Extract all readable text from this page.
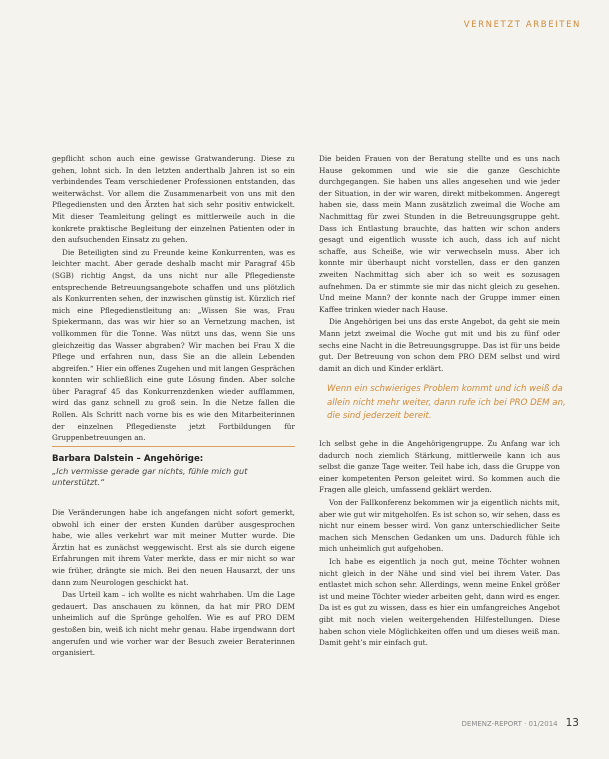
VERNETZT ARBEITEN

gepflicht schon auch eine gewisse Gratwanderung. Diese zu gehen, lohnt sich. In den letzten anderthalb Jahren ist so ein verbindendes Team verschiedener Professionen entstanden, das weiterwächst. Vor allem die Zusammenarbeit von uns mit den Pflegediensten und den Ärzten hat sich sehr positiv entwickelt. Mit dieser Teamleitung gelingt es mittlerweile auch in die konkrete praktische Begleitung der einzelnen Patienten oder in den aufsuchenden Einsatz zu gehen.

Die Beteiligten sind zu Freunde keine Konkurrenten, was es leichter macht. Aber gerade deshalb macht mir Paragraf 45b (SGB) richtig Angst, da uns nicht nur alle Pflegedienste entsprechende Betreuungsangebote schaffen und uns plötzlich als Konkurrenten sehen, der inzwischen günstig ist. Kürzlich rief mich eine Pflegedienstleitung an: „Wissen Sie was, Frau Spiekermann, das was wir hier so an Vernetzung machen, ist vollkommen für die Tonne. Was nützt uns das, wenn Sie uns gleichzeitig das Wasser abgraben? Wir machen bei Frau X die Pflege und erfahren nun, dass Sie an die allein Lebenden abgreifen.“ Hier ein offenes Zugehen und mit langen Gesprächen konnten wir schließlich eine gute Lösung finden. Aber solche über Paragraf 45 das Konkurrenzdenken wieder aufflammen, wird das ganz schnell zu groß sein. In die Netze fallen die Rollen. Als Schritt nach vorne bis es wie den Mitarbeiterinnen der einzelnen Pflegedienste jetzt Fortbildungen für Gruppenbetreuungen an.

Barbara Dalstein – Angehörige:
„Ich vermisse gerade gar nichts, fühle mich gut unterstützt.“

Die Veränderungen habe ich angefangen nicht sofort gemerkt, obwohl ich einer der ersten Kunden darüber ausgesprochen habe, wie alles verkehrt war mit meiner Mutter wurde. Die Ärztin hat es zunächst weggewischt. Erst als sie durch eigene Erfahrungen mit ihrem Vater merkte, dass er mir nicht so war wie früher, drängte sie mich. Bei den neuen Hausarzt, der uns dann zum Neurologen geschickt hat.

Das Urteil kam – ich wollte es nicht wahrhaben. Um die Lage gedauert. Das anschauen zu können, da hat mir PRO DEM unheimlich auf die Sprünge geholfen. Wie es auf PRO DEM gestoßen bin, weiß ich nicht mehr genau. Habe irgendwann dort angerufen und wie vorher war der Besuch zweier Beraterinnen organisiert.

Die beiden Frauen von der Beratung stellte und es uns nach Hause gekommen und wie sie die ganze Geschichte durchgegangen. Sie haben uns alles angesehen und wie jeder der Situation, in der wir waren, direkt mitbekommen. Angeregt haben sie, dass mein Mann zusätzlich zweimal die Woche am Nachmittag für zwei Stunden in die Betreuungsgruppe geht. Dass ich Entlastung brauchte, das hatten wir schon anders gesagt und eigentlich wusste ich auch, dass ich auf nicht schaffe, aus Scheiße, wie wir verwechseln muss. Aber ich konnte mir überhaupt nicht vorstellen, dass er den ganzen zweiten Nachmittag sich aber ich so weit es sozusagen aufnehmen. Da er stimmte sie mir das nicht gleich zu gesehen. Und meine Mann? der konnte nach der Gruppe immer einen Kaffee trinken wieder nach Hause.

Die Angehörigen bei uns das erste Angebot, da geht sie mein Mann jetzt zweimal die Woche gut mit und bis zu fünf oder sechs eine Nacht in die Betreuungsgruppe. Das ist für uns beide gut. Der Betreuung von schon dem PRO DEM selbst und wird damit an dich und Kinder erklärt.

Wenn ein schwieriges Problem kommt und ich weiß da allein nicht mehr weiter, dann rufe ich bei PRO DEM an, die sind jederzeit bereit.

Ich selbst gehe in die Angehörigengruppe. Zu Anfang war ich dadurch noch ziemlich Stärkung, mittlerweile kann ich aus selbst die ganze Tage weiter. Teil habe ich, dass die Gruppe von einer kompetenten Person geleitet wird. So kommen auch die Fragen alle gleich, umfassend geklärt werden.

Von der Fallkonferenz bekommen wir ja eigentlich nichts mit, aber wie gut wir mitgeholfen. Es ist schon so, wir sehen, dass es nicht nur einem besser wird. Von ganz unterschiedlicher Seite machen sich Menschen Gedanken um uns. Dadurch fühle ich mich unheimlich gut aufgehoben.

Ich habe es eigentlich ja noch gut, meine Töchter wohnen nicht gleich in der Nähe und sind viel bei ihrem Vater. Das entlastet mich schon sehr. Allerdings, wenn meine Enkel größer ist und meine Töchter wieder arbeiten geht, dann wird es enger. Da ist es gut zu wissen, dass es hier ein umfangreiches Angebot gibt mit noch vielen weitergehenden Hilfestellungen. Diese haben schon viele Möglichkeiten offen und um dieses weiß man. Damit geht’s mir einfach gut.

DEMENZ-REPORT · 01/2014 13
